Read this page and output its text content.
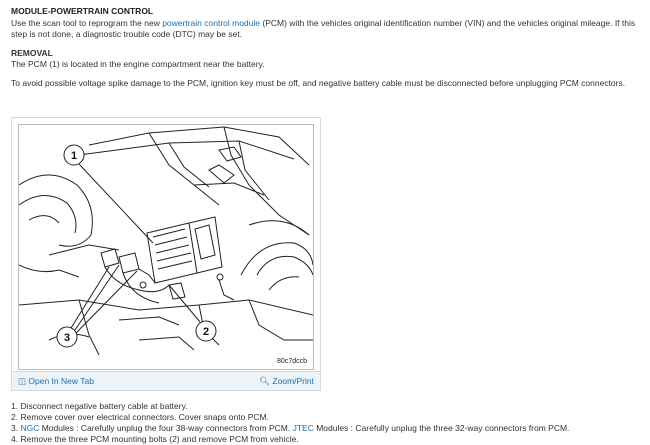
MODULE-POWERTRAIN CONTROL

Use the scan tool to reprogram the new powertrain control module (PCM) with the vehicles original identification number (VIN) and the vehicles original mileage. If this step is not done, a diagnostic trouble code (DTC) may be set.

REMOVAL

The PCM (1) is located in the engine compartment near the battery.

To avoid possible voltage spike damage to the PCM, ignition key must be off, and negative battery cable must be disconnected before unplugging PCM connectors.

1
2
3
80c7dccb
◫ Open In New Tab	🔍︎ Zoom/Print

1. Disconnect negative battery cable at battery.

2. Remove cover over electrical connectors. Cover snaps onto PCM.

3. NGC Modules : Carefully unplug the four 38-way connectors from PCM. JTEC Modules : Carefully unplug the three 32-way connectors from PCM.

4. Remove the three PCM mounting bolts (2) and remove PCM from vehicle.
